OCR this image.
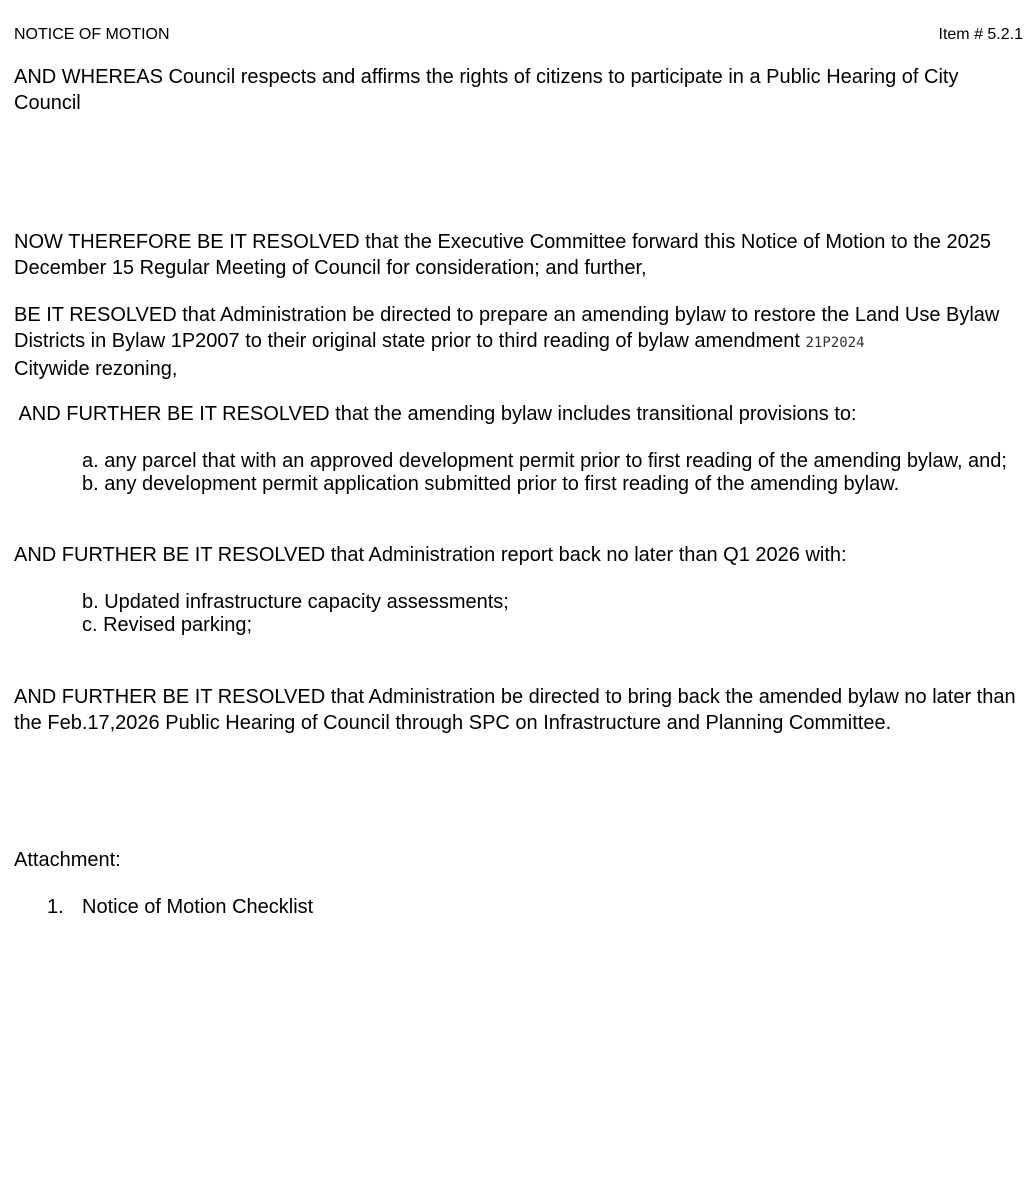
NOTICE OF MOTION	Item # 5.2.1

AND WHEREAS Council respects and affirms the rights of citizens to participate in a Public Hearing of City Council

NOW THEREFORE BE IT RESOLVED that the Executive Committee forward this Notice of Motion to the 2025 December 15 Regular Meeting of Council for consideration; and further,

BE IT RESOLVED that Administration be directed to prepare an amending bylaw to restore the Land Use Bylaw Districts in Bylaw 1P2007 to their original state prior to third reading of bylaw amendment 21P2024
Citywide rezoning,

AND FURTHER BE IT RESOLVED that the amending bylaw includes transitional provisions to:

a. any parcel that with an approved development permit prior to first reading of the amending bylaw, and;
b. any development permit application submitted prior to first reading of the amending bylaw.

AND FURTHER BE IT RESOLVED that Administration report back no later than Q1 2026 with:

b. Updated infrastructure capacity assessments;
c. Revised parking;

AND FURTHER BE IT RESOLVED that Administration be directed to bring back the amended bylaw no later than the Feb.17,2026 Public Hearing of Council through SPC on Infrastructure and Planning Committee.

Attachment:

1. Notice of Motion Checklist
